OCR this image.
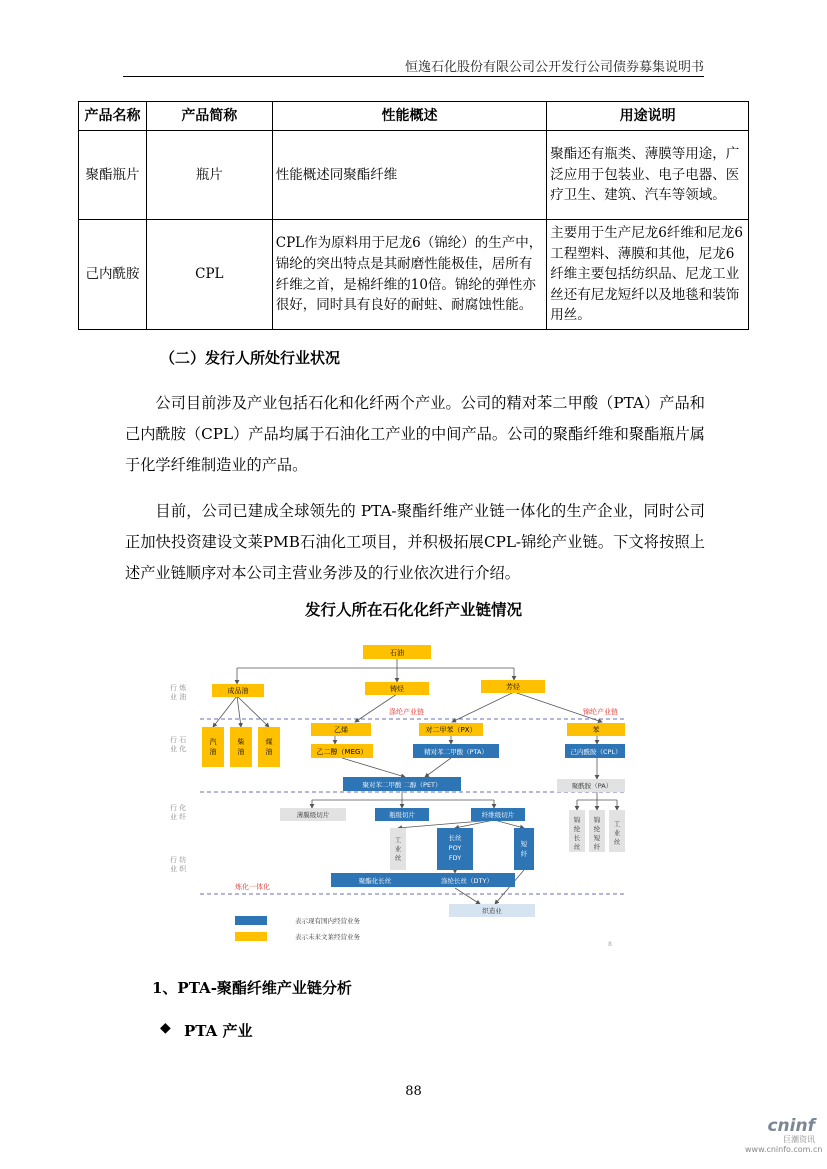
恒逸石化股份有限公司公开发行公司债券募集说明书
产品名称	产品简称	性能概述	用途说明
聚酯瓶片	瓶片	性能概述同聚酯纤维	聚酯还有瓶类、薄膜等用途，广泛应用于包装业、电子电器、医疗卫生、建筑、汽车等领域。
己内酰胺	CPL	CPL作为原料用于尼龙6（锦纶）的生产中，锦纶的突出特点是其耐磨性能极佳，居所有纤维之首，是棉纤维的10倍。锦纶的弹性亦很好，同时具有良好的耐蛀、耐腐蚀性能。	主要用于生产尼龙6纤维和尼龙6工程塑料、薄膜和其他，尼龙6纤维主要包括纺织品、尼龙工业丝还有尼龙短纤以及地毯和装饰用丝。
（二）发行人所处行业状况
公司目前涉及产业包括石化和化纤两个产业。公司的精对苯二甲酸（PTA）产品和己内酰胺（CPL）产品均属于石油化工产业的中间产品。公司的聚酯纤维和聚酯瓶片属于化学纤维制造业的产品。
目前，公司已建成全球领先的 PTA-聚酯纤维产业链一体化的生产企业，同时公司正加快投资建设文莱PMB石油化工项目，并积极拓展CPL-锦纶产业链。下文将按照上述产业链顺序对本公司主营业务涉及的行业依次进行介绍。
发行人所在石化化纤产业链情况
行 炼业 油
行 石业 化
行 化业 纤
行 纺业 织
石油
成品油	铸烃	芳烃
汽油
柴油
煤油
乙烯
乙二醇（MEG）
对二甲苯（PX）	苯
精对苯二甲酸（PTA）	己内酰胺（CPL）
聚对苯二甲酸 二醇（PET）
瓶级切片	纤维级切片
长丝 POY FDY
短纤
聚酯化长丝	涤纶长丝（DTY）
薄膜级切片
工业丝
聚酰胺（PA）
锦纶长丝
锦纶短纤
工业丝
织造业
涤纶产业链	锦纶产业链
炼化一体化
表示现有国内经营业务
表示未来文莱经营业务
8
1、PTA-聚酯纤维产业链分析
◆ PTA 产业
88
cninf
巨潮资讯
www.cninfo.com.cn
